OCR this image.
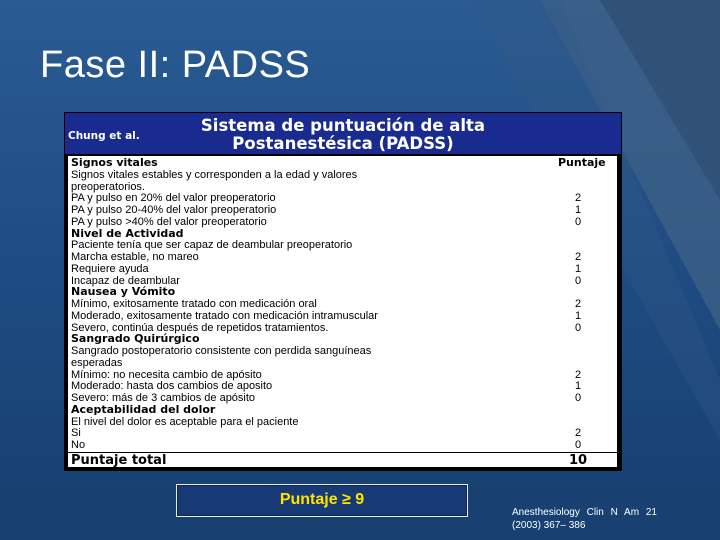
Fase II: PADSS
Sistema de puntuación de alta
Chung et al.	Postanestésica (PADSS)
Signos vitales	Puntaje
Signos vitales estables y corresponden a la edad y valores
preoperatorios.
PA y pulso en 20% del valor preoperatorio	2
PA y pulso 20-40% del valor preoperatorio	1
PA y pulso >40% del valor preoperatorio	0
Nivel de Actividad
Paciente tenía que ser capaz de deambular preoperatorio
Marcha estable, no mareo	2
Requiere ayuda	1
Incapaz de deambular	0
Nausea y Vómito
Mínimo, exitosamente tratado con medicación oral	2
Moderado, exitosamente tratado con medicación intramuscular	1
Severo, continúa después de repetidos tratamientos.	0
Sangrado Quirúrgico
Sangrado postoperatorio consistente con perdida sanguíneas
esperadas
Mínimo: no necesita cambio de apósito	2
Moderado: hasta dos cambios de aposito	1
Severo: más de 3 cambios de apósito	0
Aceptabilidad del dolor
El nivel del dolor es aceptable para el paciente
Si	2
No	0
Puntaje total	10
Puntaje ≥ 9
Anesthesiology Clin N Am 21
(2003) 367– 386
